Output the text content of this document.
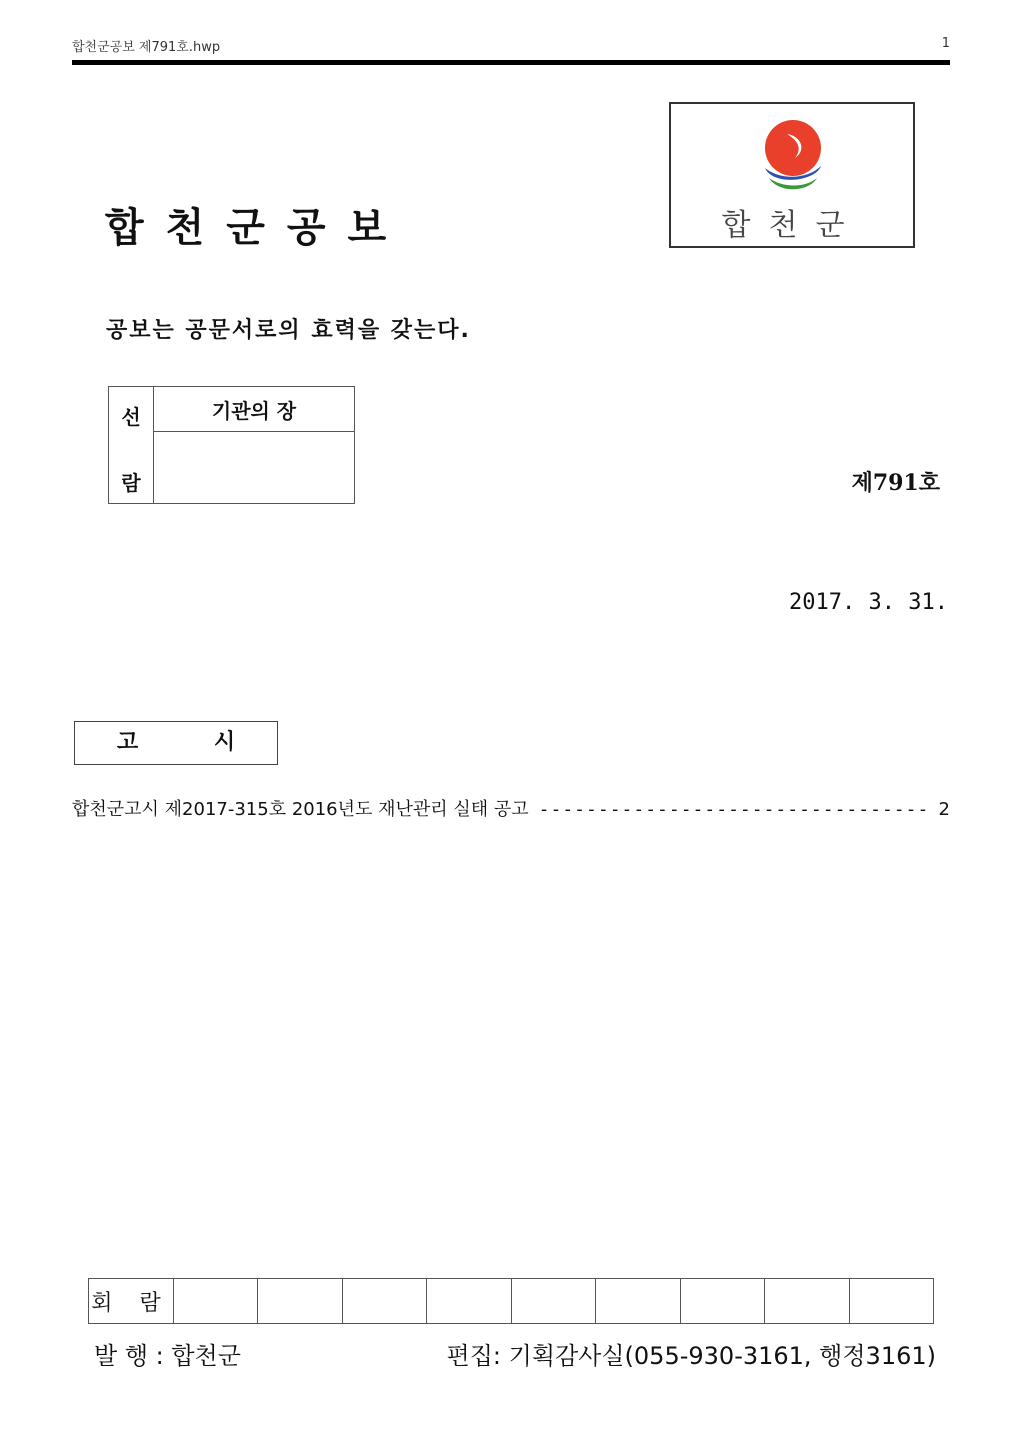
합천군공보 제791호.hwp	1
합천군공보	합천군
공보는 공문서로의 효력을 갖는다.
선
람
	기관의 장

제791호
2017. 3. 31.
고 시
합천군고시 제2017-315호 2016년도 재난관리 실태 공고
-----	2
회 람									
발 행 : 합천군	편집: 기획감사실(055-930-3161, 행정3161)
